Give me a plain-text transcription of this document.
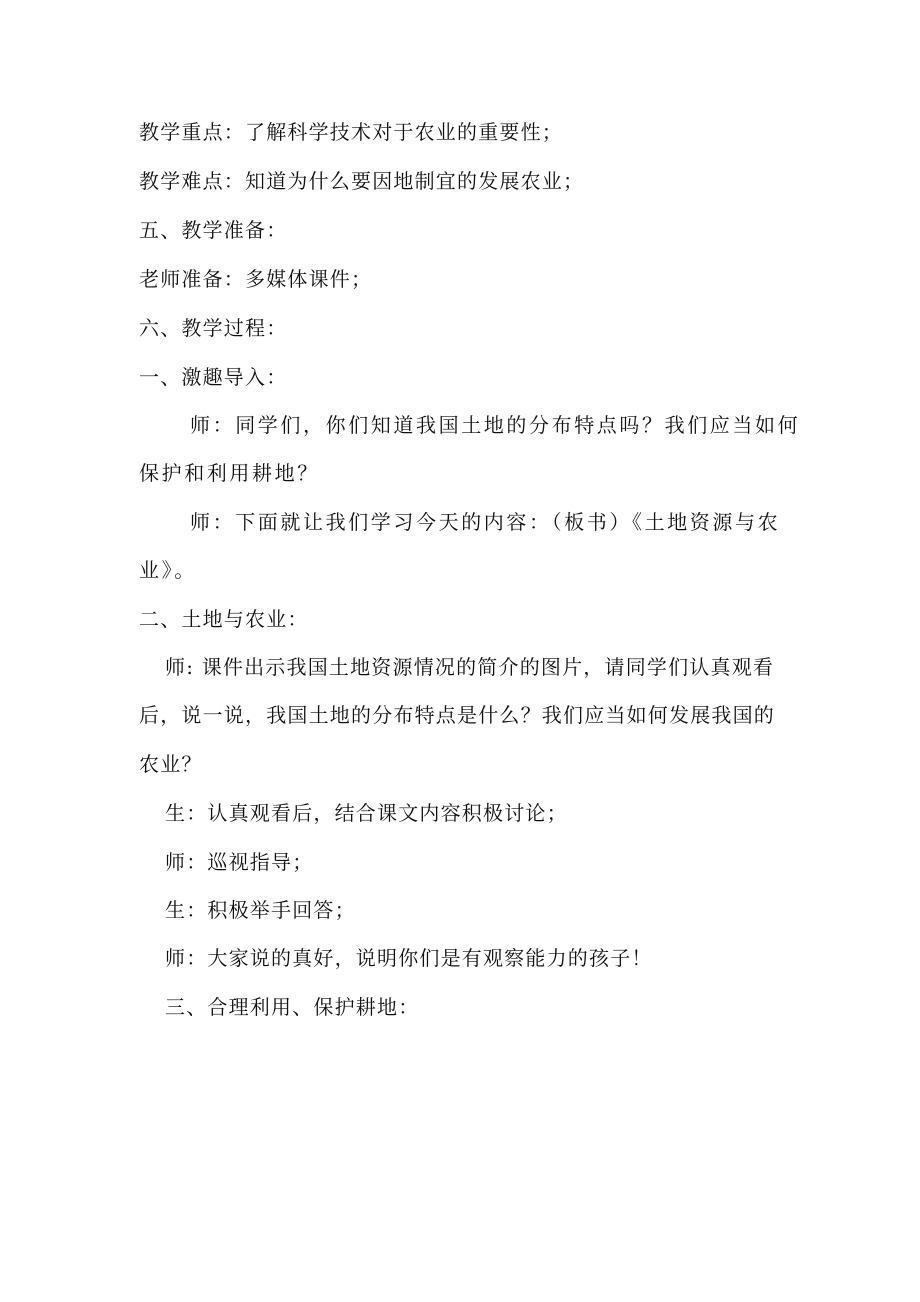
教学重点：了解科学技术对于农业的重要性；
教学难点：知道为什么要因地制宜的发展农业；
五、教学准备：
老师准备：多媒体课件；
六、教学过程：
一、激趣导入：
师：同学们，你们知道我国土地的分布特点吗？我们应当如何
保护和利用耕地？
师：下面就让我们学习今天的内容：（板书）《土地资源与农
业》。
二、土地与农业：
师: 课件出示我国土地资源情况的简介的图片，请同学们认真观看
后，说一说，我国土地的分布特点是什么？我们应当如何发展我国的
农业？
生：认真观看后，结合课文内容积极讨论；
师：巡视指导；
生：积极举手回答；
师：大家说的真好，说明你们是有观察能力的孩子！
三、合理利用、保护耕地：
